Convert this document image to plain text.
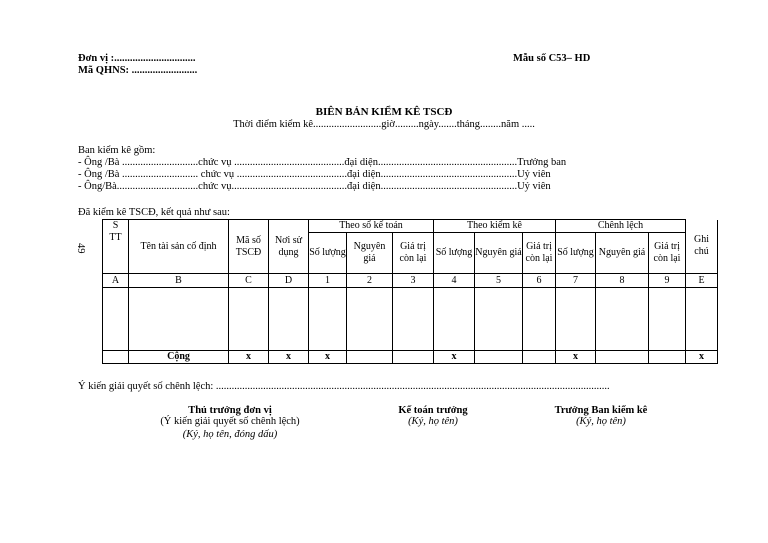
Đơn vị :...............................
Mã QHNS: .........................
Mẫu số C53– HD
BIÊN BẢN KIỂM KÊ TSCĐ
Thời điểm kiểm kê..........................giờ.........ngày.......tháng........năm .....
Ban kiểm kê gồm:
- Ông /Bà .............................chức vụ ..........................................đại diện.....................................................Trưởng ban
- Ông /Bà ............................. chức vụ ..........................................đại diện....................................................Uỷ viên
- Ông/Bà...............................chức vụ............................................đại diện....................................................Uỷ viên
Đã kiểm kê TSCĐ, kết quả như sau:
49
S
TT	Tên tài sản cố định	Mã số TSCĐ	Nơi sử dụng	Theo sổ kế toán			Theo kiểm kê			Chênh lệch			Ghi chú
				Số lượng	Nguyên giá	Giá trị còn lại	Số lượng	Nguyên giá	Giá trị còn lại	Số lượng	Nguyên giá	Giá trị còn lại	
A	B	C	D	1	2	3	4	5	6	7	8	9	E

	Cộng	x	x	x			x			x			x
Ý kiến giải quyết số chênh lệch: ......................................................................................................................................................
Thủ trưởng đơn vị
(Ý kiến giải quyết số chênh lệch)
(Ký, họ tên, đóng dấu)
Kế toán trưởng
(Ký, họ tên)
Trưởng Ban kiểm kê
(Ký, họ tên)
